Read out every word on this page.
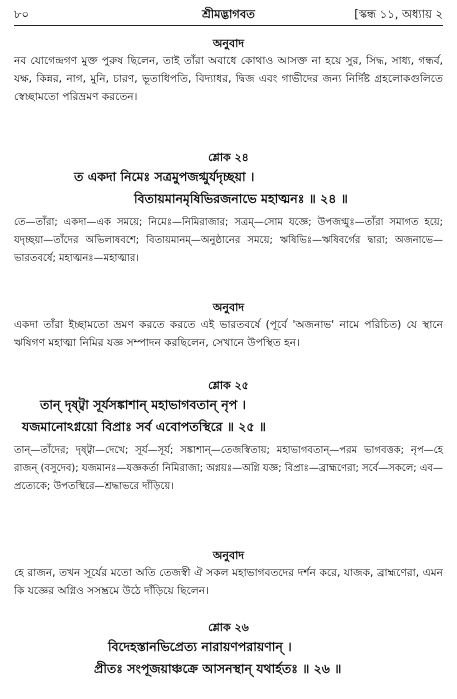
৮০	শ্রীমদ্ভাগবত	[স্কন্ধ ১১, অধ্যায় ২
অনুবাদ
নব যোগেন্দ্রগণ মুক্ত পুরুষ ছিলেন, তাই তাঁরা অবাধে কোথাও আসক্ত না হয়ে সুর, সিদ্ধ, সাধ্য, গন্ধর্ব, যক্ষ, কিন্নর, নাগ, মুনি, চারণ, ভূতাধিপতি, বিদ্যাধর, দ্বিজ এবং গাভীদের জন্য নির্দিষ্ট গ্রহলোকগুলিতে স্বেচ্ছামতো পরিভ্রমণ করতেন।
শ্লোক ২৪
ত একদা নিমেঃ সত্রমুপজগ্মুর্যদৃচ্ছয়া ।
বিতায়মানমৃষিভিরজনাভে মহাত্মনঃ ॥ ২৪ ॥
তে—তাঁরা; একদা—এক সময়ে; নিমেঃ—নিমিরাজার; সত্রম্—সোম যজ্ঞে; উপজগ্মুঃ—তাঁরা সমাগত হয়ে; যদৃচ্ছয়া—তাঁদের অভিলাষবশে; বিতায়মানম্—অনুষ্ঠানের সময়ে; ঋষিভিঃ—ঋষিবর্গের দ্বারা; অজনাভে—ভারতবর্ষে; মহাত্মনঃ—মহাত্মার।
অনুবাদ
একদা তাঁরা ইচ্ছামতো ভ্রমণ করতে করতে এই ভারতবর্ষে (পূর্বে 'অজনাভ' নামে পরিচিত) যে স্থানে ঋষিগণ মহাত্মা নিমির যজ্ঞ সম্পাদন করছিলেন, সেখানে উপস্থিত হন।
শ্লোক ২৫
তান্ দৃষ্ট্বা সূর্যসঙ্কাশান্ মহাভাগবতান্ নৃপ ।
যজমানোঽগ্নয়ো বিপ্রাঃ সর্ব এবোপতস্থিরে ॥ ২৫ ॥
তান্—তাঁদের; দৃষ্ট্বা—দেখে; সূর্য—সূর্য; সঙ্কাশান্—তেজস্বিতায়; মহাভাগবতান্—পরম ভাগবত্তক; নৃপ—হে রাজন্ (বসুদেব); যজমানঃ—যজ্ঞকর্তা নিমিরাজা; অগ্নয়ঃ—অগ্নি যজ্ঞ; বিপ্রাঃ—ব্রাহ্মণেরা; সর্বে—সকলে; এব—প্রত্যেকে; উপতস্থিরে—শ্রদ্ধাভরে দাঁড়িয়ে।
অনুবাদ
হে রাজন, তখন সূর্যের মতো অতি তেজস্বী ঐ সকল মহাভাগবতদের দর্শন করে, যাজক, ব্রাহ্মণেরা, এমন কি যজ্ঞের অগ্নিও সসম্ভ্রমে উঠে দাঁড়িয়ে ছিলেন।
শ্লোক ২৬
বিদেহস্তানভিপ্রেত্য নারায়ণপরায়ণান্ ।
প্রীতঃ সংপূজয়াঞ্চক্রে আসনস্থান্ যথার্হতঃ ॥ ২৬ ॥
